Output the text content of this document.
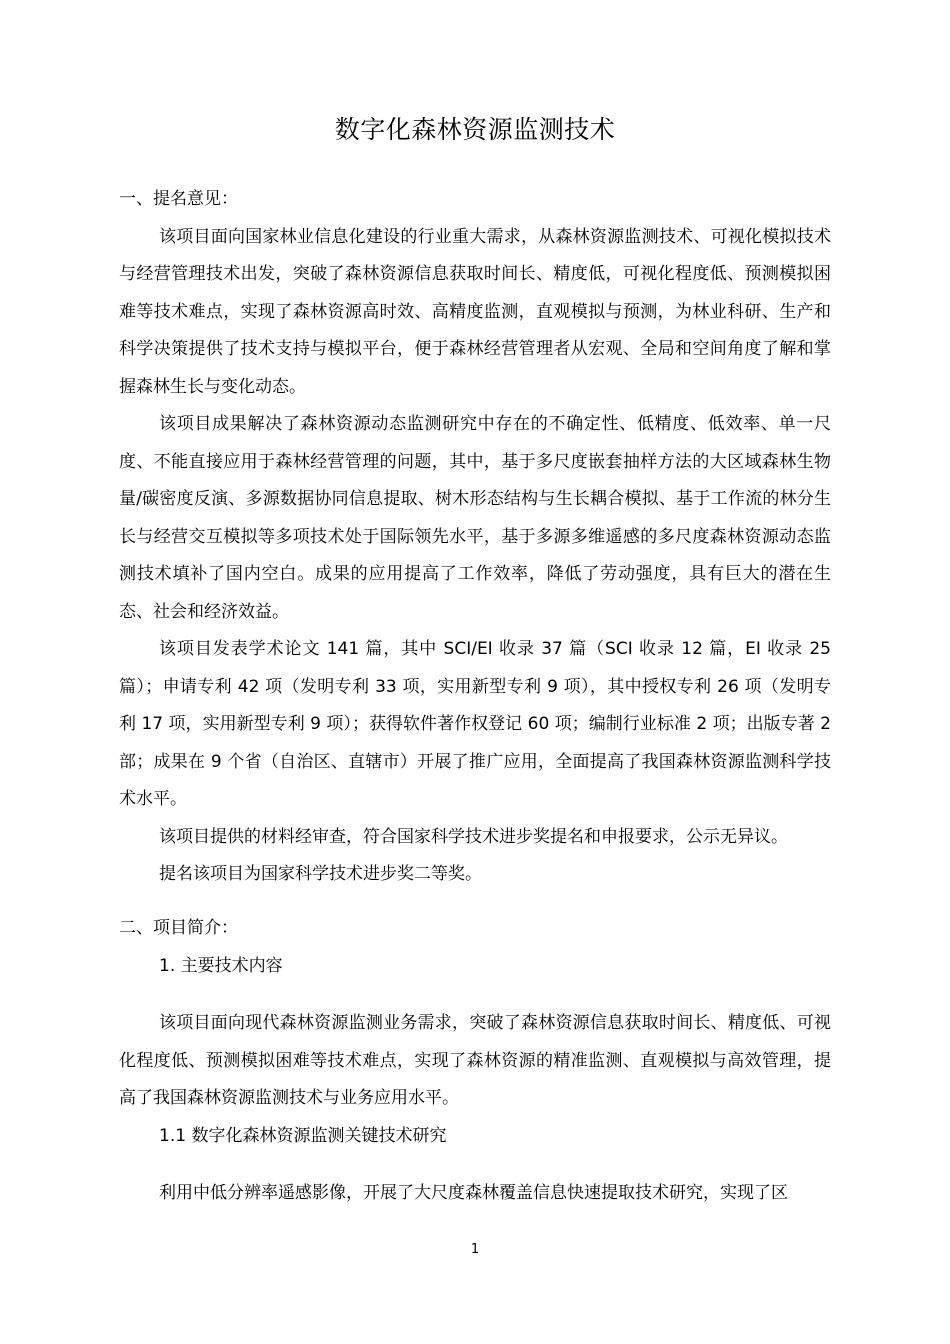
数字化森林资源监测技术

一、提名意见：

该项目面向国家林业信息化建设的行业重大需求，从森林资源监测技术、可视化模拟技术与经营管理技术出发，突破了森林资源信息获取时间长、精度低，可视化程度低、预测模拟困难等技术难点，实现了森林资源高时效、高精度监测，直观模拟与预测，为林业科研、生产和科学决策提供了技术支持与模拟平台，便于森林经营管理者从宏观、全局和空间角度了解和掌握森林生长与变化动态。

该项目成果解决了森林资源动态监测研究中存在的不确定性、低精度、低效率、单一尺度、不能直接应用于森林经营管理的问题，其中，基于多尺度嵌套抽样方法的大区域森林生物量/碳密度反演、多源数据协同信息提取、树木形态结构与生长耦合模拟、基于工作流的林分生长与经营交互模拟等多项技术处于国际领先水平，基于多源多维遥感的多尺度森林资源动态监测技术填补了国内空白。成果的应用提高了工作效率，降低了劳动强度，具有巨大的潜在生态、社会和经济效益。

该项目发表学术论文 141 篇，其中 SCI/EI 收录 37 篇（SCI 收录 12 篇，EI 收录 25 篇）；申请专利 42 项（发明专利 33 项，实用新型专利 9 项），其中授权专利 26 项（发明专利 17 项，实用新型专利 9 项）；获得软件著作权登记 60 项；编制行业标准 2 项；出版专著 2 部；成果在 9 个省（自治区、直辖市）开展了推广应用，全面提高了我国森林资源监测科学技术水平。

该项目提供的材料经审查，符合国家科学技术进步奖提名和申报要求，公示无异议。

提名该项目为国家科学技术进步奖二等奖。

二、项目简介：

1. 主要技术内容

该项目面向现代森林资源监测业务需求，突破了森林资源信息获取时间长、精度低、可视化程度低、预测模拟困难等技术难点，实现了森林资源的精准监测、直观模拟与高效管理，提高了我国森林资源监测技术与业务应用水平。

1.1 数字化森林资源监测关键技术研究

利用中低分辨率遥感影像，开展了大尺度森林覆盖信息快速提取技术研究，实现了区

1
